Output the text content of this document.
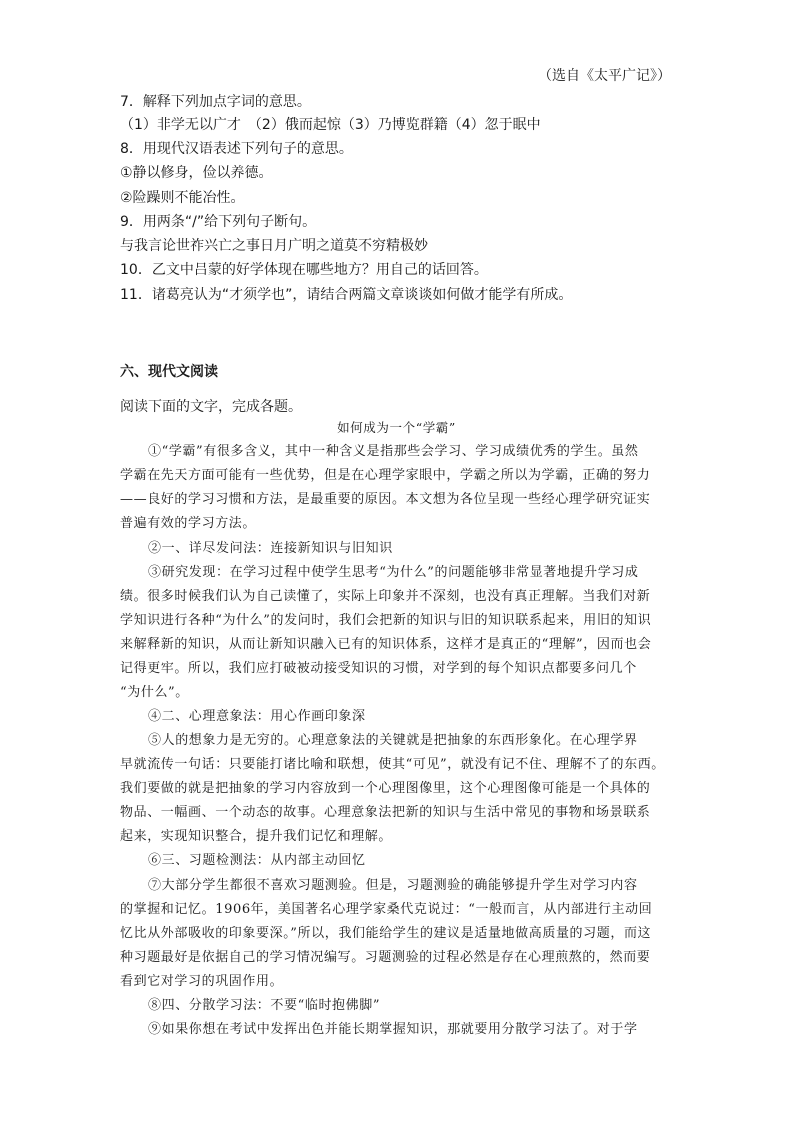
（选自《太平广记》）
7．解释下列加点字词的意思。
（1）非学无以广才　（2）俄而起惊（3）乃博览群籍（4）忽于眠中
8．用现代汉语表述下列句子的意思。
①静以修身，俭以养德。
②险躁则不能冶性。
9．用两条“/”给下列句子断句。
与我言论世祚兴亡之事日月广明之道莫不穷精极妙
10．乙文中吕蒙的好学体现在哪些地方？用自己的话回答。
11．诸葛亮认为“才须学也”，请结合两篇文章谈谈如何做才能学有所成。
六、现代文阅读
阅读下面的文字，完成各题。
如何成为一个“学霸”
①“学霸”有很多含义，其中一种含义是指那些会学习、学习成绩优秀的学生。虽然
学霸在先天方面可能有一些优势，但是在心理学家眼中，学霸之所以为学霸，正确的努力
——良好的学习习惯和方法，是最重要的原因。本文想为各位呈现一些经心理学研究证实
普遍有效的学习方法。
②一、详尽发问法：连接新知识与旧知识
③研究发现：在学习过程中使学生思考“为什么”的问题能够非常显著地提升学习成
绩。很多时候我们认为自己读懂了，实际上印象并不深刻，也没有真正理解。当我们对新
学知识进行各种“为什么”的发问时，我们会把新的知识与旧的知识联系起来，用旧的知识
来解释新的知识，从而让新知识融入已有的知识体系，这样才是真正的“理解”，因而也会
记得更牢。所以，我们应打破被动接受知识的习惯，对学到的每个知识点都要多问几个
“为什么”。
④二、心理意象法：用心作画印象深
⑤人的想象力是无穷的。心理意象法的关键就是把抽象的东西形象化。在心理学界
早就流传一句话：只要能打诸比喻和联想，使其“可见”，就没有记不住、理解不了的东西。
我们要做的就是把抽象的学习内容放到一个心理图像里，这个心理图像可能是一个具体的
物品、一幅画、一个动态的故事。心理意象法把新的知识与生活中常见的事物和场景联系
起来，实现知识整合，提升我们记忆和理解。
⑥三、习题检测法：从内部主动回忆
⑦大部分学生都很不喜欢习题测验。但是，习题测验的确能够提升学生对学习内容
的掌握和记忆。1906年，美国著名心理学家桑代克说过：“一般而言，从内部进行主动回
忆比从外部吸收的印象要深。”所以，我们能给学生的建议是适量地做高质量的习题，而这
种习题最好是依据自己的学习情况编写。习题测验的过程必然是存在心理煎熬的，然而要
看到它对学习的巩固作用。
⑧四、分散学习法：不要“临时抱佛脚”
⑨如果你想在考试中发挥出色并能长期掌握知识，那就要用分散学习法了。对于学
